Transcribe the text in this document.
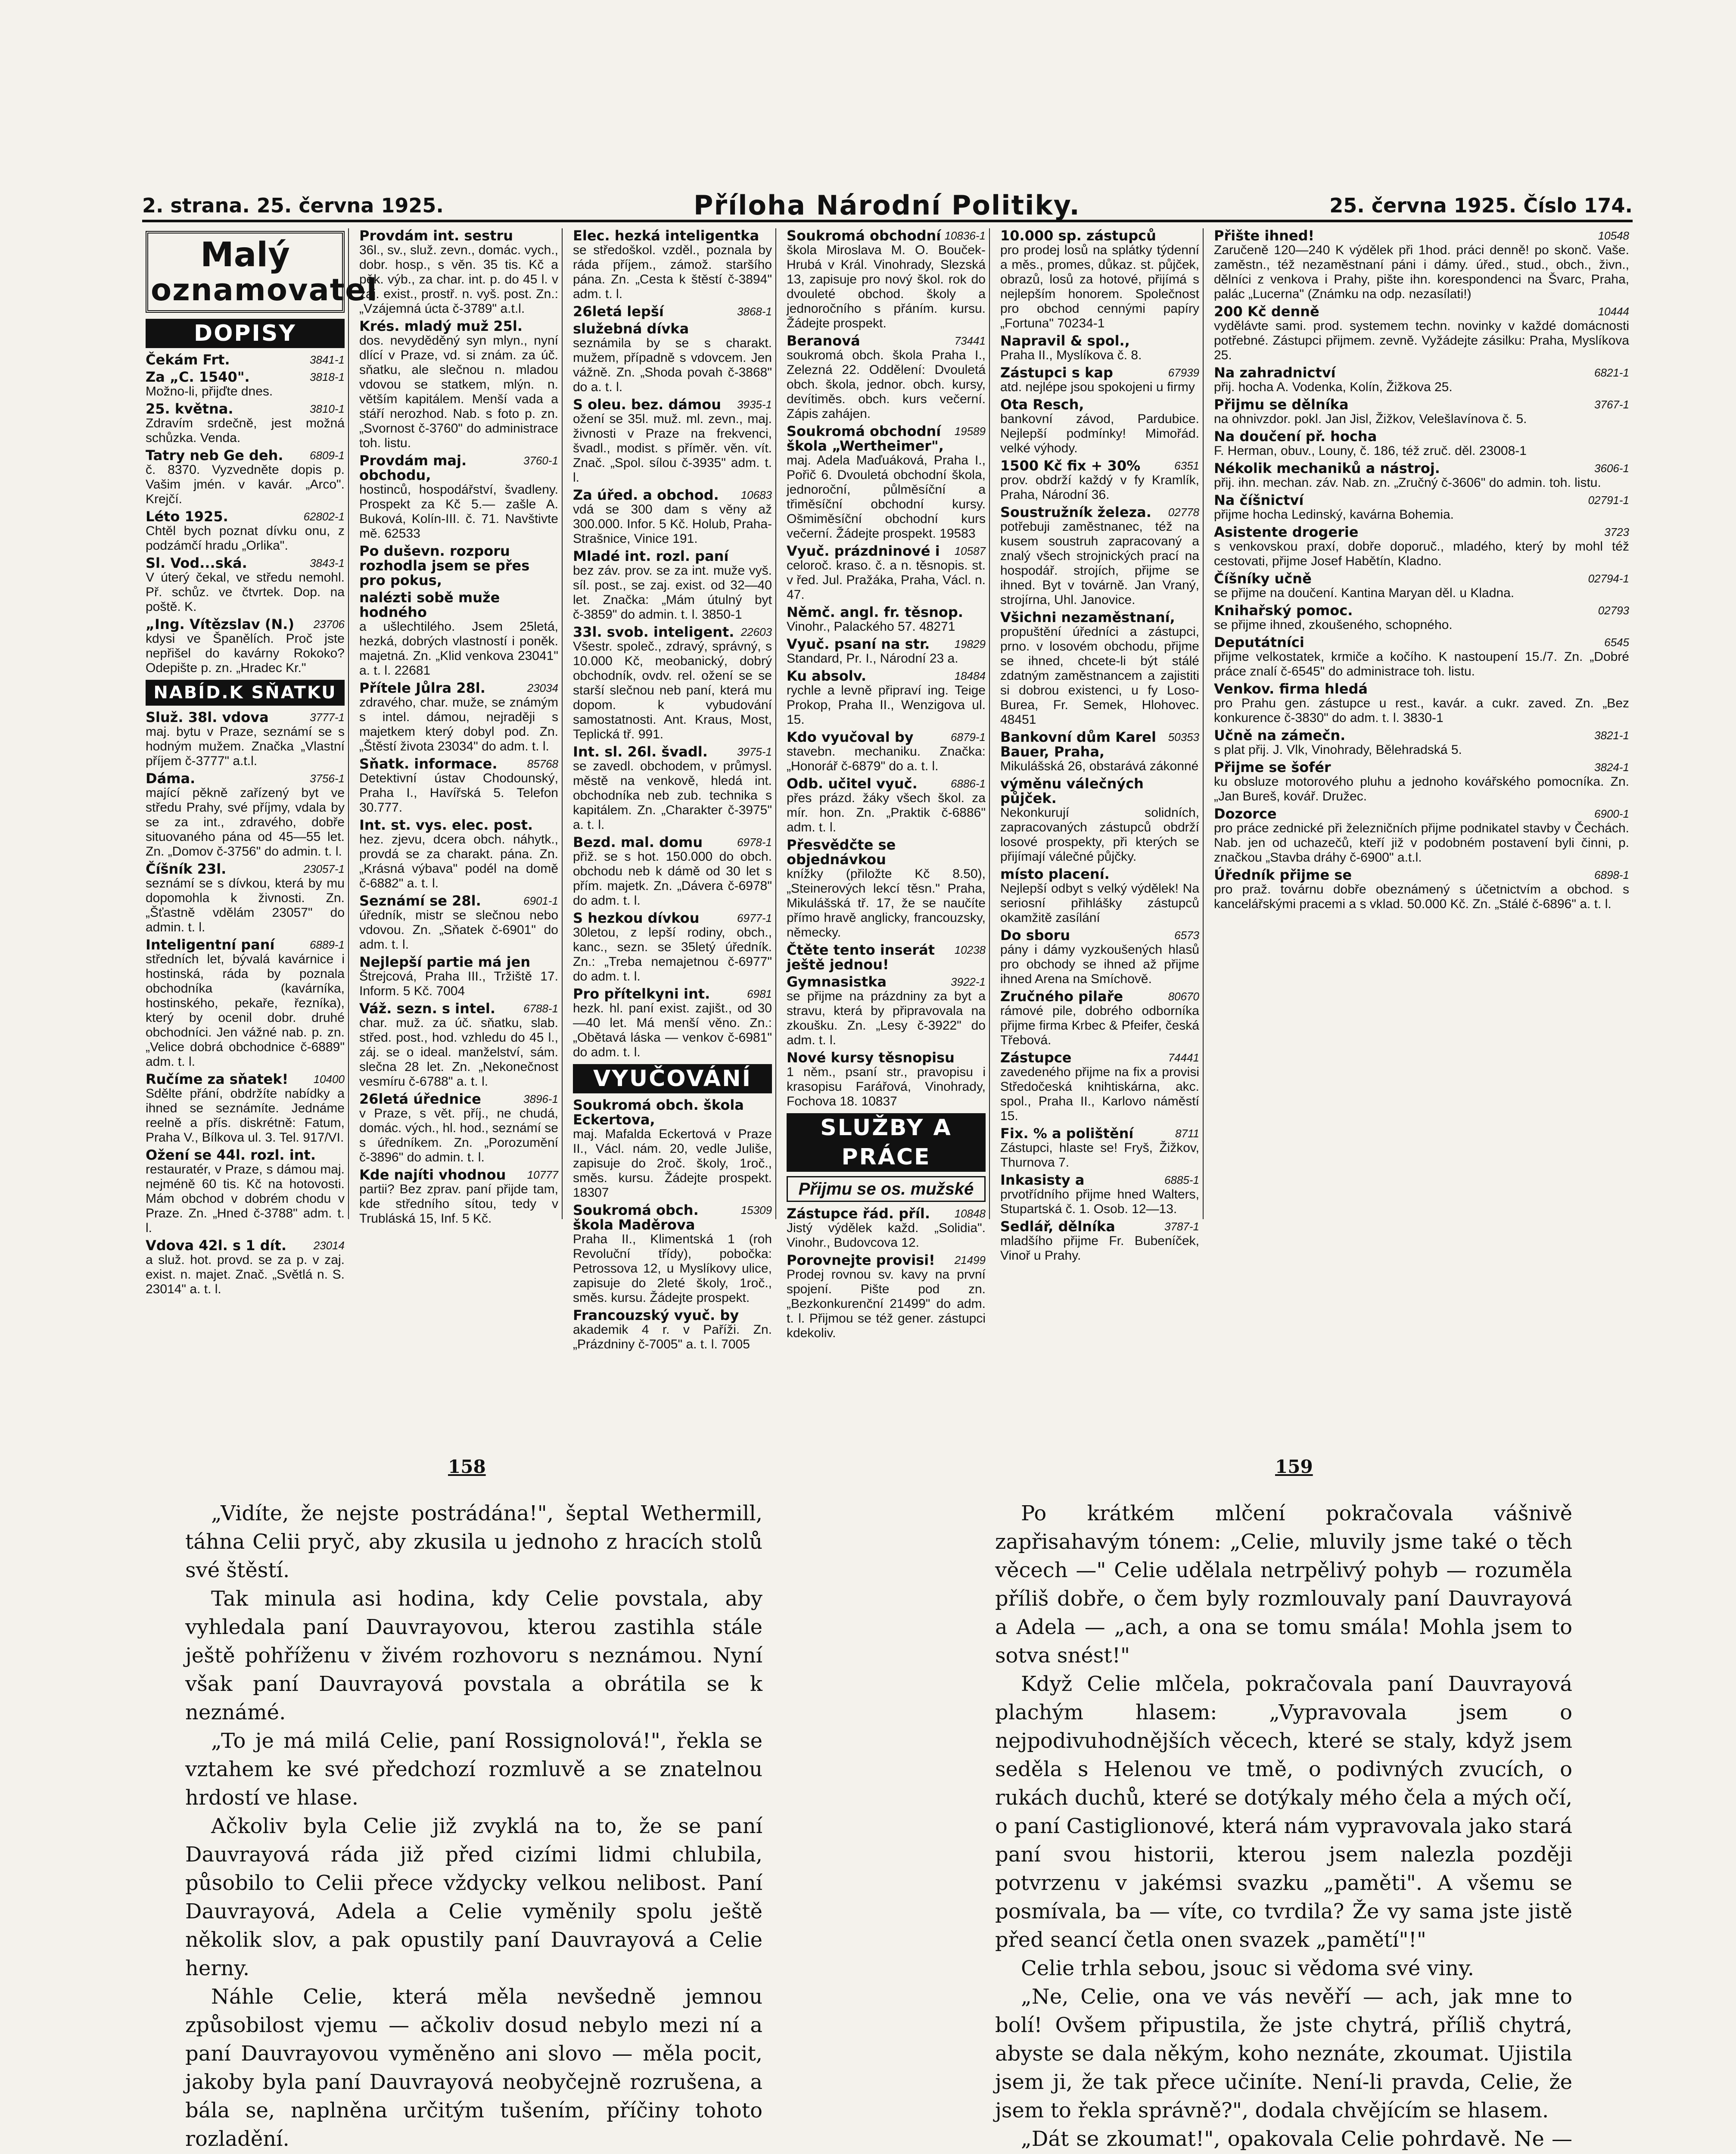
2. strana. 25. června 1925.	Příloha Národní Politiky.	25. června 1925. Číslo 174.
Malý
oznamovatel
DOPISY
3841-1
Čekám Frt.
3818-1
Za „C. 1540".
Možno-li, přijďte dnes.
3810-1
25. května.
Zdravím srdečně, jest možná schůzka. Venda.
6809-1
Tatry neb Ge deh.
č. 8370. Vyzvedněte dopis p. Vašim jmén. v kavár. „Arco". Krejčí.
62802-1
Léto 1925.
Chtěl bych poznat dívku onu, z podzámčí hradu „Orlika".
3843-1
Sl. Vod...ská.
V úterý čekal, ve středu nemohl. Př. schůz. ve čtvrtek. Dop. na poště. K.
23706
„Ing. Vítězslav (N.)
kdysi ve Španělích. Proč jste nepřišel do kavárny Rokoko? Odepište p. zn. „Hradec Kr."
NABÍD.K SŇATKU
3777-1
Služ. 38l. vdova
maj. bytu v Praze, seznámí se s hodným mužem. Značka „Vlastní příjem č-3777" a.t.l.
3756-1
Dáma.
mající pěkně zařízený byt ve středu Prahy, své příjmy, vdala by se za int., zdravého, dobře situovaného pána od 45—55 let. Zn. „Domov č-3756" do admin. t. l.
23057-1
Číšník 23l.
seznámí se s dívkou, která by mu dopomohla k živnosti. Zn. „Šťastně vdělám 23057" do admin. t. l.
6889-1
Inteligentní paní
středních let, bývalá kavárnice i hostinská, ráda by poznala obchodníka (kavárníka, hostinského, pekaře, řezníka), který by ocenil dobr. druhé obchodníci. Jen vážné nab. p. zn. „Velice dobrá obchodnice č-6889" adm. t. l.
10400
Ručíme za sňatek!
Sdělte přání, obdržíte nabídky a ihned se seznámíte. Jednáme reelně a přís. diskrétně: Fatum, Praha V., Bílkova ul. 3. Tel. 917/VI.
Ožení se 44l. rozl. int.
restauratér, v Praze, s dámou maj. nejméně 60 tis. Kč na hotovosti. Mám obchod v dobrém chodu v Praze. Zn. „Hned č-3788" adm. t. l.
23014
Vdova 42l. s 1 dít.
a služ. hot. provd. se za p. v zaj. exist. n. majet. Znač. „Světlá n. S. 23014" a. t. l.
Provdám int. sestru
36l., sv., služ. zevn., domác. vych., dobr. hosp., s věn. 35 tis. Kč a pěk. výb., za char. int. p. do 45 l. v zaj. exist., prostř. n. vyš. post. Zn.: „Vzájemná úcta č-3789" a.t.l.
Krés. mladý muž 25l.
dos. nevyděděný syn mlyn., nyní dlící v Praze, vd. si znám. za úč. sňatku, ale slečnou n. mladou vdovou se statkem, mlýn. n. větším kapitálem. Menší vada a stáří nerozhod. Nab. s foto p. zn. „Svornost č-3760" do administrace toh. listu.
3760-1
Provdám maj. obchodu,
hostinců, hospodářství, švadleny. Prospekt za Kč 5.— zašle A. Buková, Kolín-III. č. 71. Navštivte mě. 62533
Po duševn. rozporu rozhodla jsem se přes pro pokus,
nalézti sobě muže hodného
a ušlechtilého. Jsem 25letá, hezká, dobrých vlastností i poněk. majetná. Zn. „Klid venkova 23041" a. t. l. 22681
23034
Přítele Jůlra 28l.
zdravého, char. muže, se známým s intel. dámou, nejraději s majetkem který dobyl pod. Zn. „Štěstí života 23034" do adm. t. l.
85768
Sňatk. informace.
Detektivní ústav Chodounský, Praha I., Havířská 5. Telefon 30.777.
Int. st. vys. elec. post.
hez. zjevu, dcera obch. náhytk., provdá se za charakt. pána. Zn. „Krásná výbava" podél na domě č-6882" a. t. l.
6901-1
Seznámí se 28l.
úředník, mistr se slečnou nebo vdovou. Zn. „Sňatek č-6901" do adm. t. l.
Nejlepší partie má jen
Štrejcová, Praha III., Tržiště 17. Inform. 5 Kč. 7004
6788-1
Váž. sezn. s intel.
char. muž. za úč. sňatku, slab. střed. post., hod. vzhledu do 45 l., záj. se o ideal. manželství, sám. slečna 28 let. Zn. „Nekonečnost vesmíru č-6788" a. t. l.
3896-1
26letá úřednice
v Praze, s vět. příj., ne chudá, domác. vých., hl. hod., seznámí se s úředníkem. Zn. „Porozumění č-3896" do admin. t. l.
10777
Kde najíti vhodnou
partii? Bez zprav. paní přijde tam, kde středního sítou, tedy v Trubláská 15, Inf. 5 Kč.
Elec. hezká inteligentka
se středoškol. vzděl., poznala by ráda příjem., zámož. staršího pána. Zn. „Cesta k štěstí č-3894" adm. t. l.
3868-1
26letá lepší
služebná dívka
seznámila by se s charakt. mužem, případně s vdovcem. Jen vážně. Zn. „Shoda povah č-3868" do a. t. l.
3935-1
S oleu. bez. dámou
ožení se 35l. muž. ml. zevn., maj. živnosti v Praze na frekvenci, švadl., modist. s příměr. věn. vít. Znač. „Spol. sílou č-3935" adm. t. l.
10683
Za úřed. a obchod.
vdá se 300 dam s věny až 300.000. Infor. 5 Kč. Holub, Praha-Strašnice, Vinice 191.
Mladé int. rozl. paní
bez záv. prov. se za int. muže vyš. síl. post., se zaj. exist. od 32—40 let. Značka: „Mám útulný byt č-3859" do admin. t. l. 3850-1
22603
33l. svob. inteligent.
Všestr. společ., zdravý, správný, s 10.000 Kč, meobanický, dobrý obchodník, ovdv. rel. ožení se se starší slečnou neb paní, která mu dopom. k vybudování samostatnosti. Ant. Kraus, Most, Teplická tř. 991.
3975-1
Int. sl. 26l. švadl.
se zavedl. obchodem, v průmysl. městě na venkově, hledá int. obchodníka neb zub. technika s kapitálem. Zn. „Charakter č-3975" a. t. l.
6978-1
Bezd. mal. domu
přiž. se s hot. 150.000 do obch. obchodu neb k dámě od 30 let s přím. majetk. Zn. „Dávera č-6978" do adm. t. l.
6977-1
S hezkou dívkou
30letou, z lepší rodiny, obch., kanc., sezn. se 35letý úředník. Zn.: „Treba nemajetnou č-6977" do adm. t. l.
6981
Pro přítelkyni int.
hezk. hl. paní exist. zajišt., od 30—40 let. Má menší věno. Zn.: „Obětavá láska — venkov č-6981" do adm. t. l.
VYUČOVÁNÍ
Soukromá obch. škola Eckertova,
maj. Mafalda Eckertová v Praze II., Václ. nám. 20, vedle Juliše, zapisuje do 2roč. školy, 1roč., směs. kursu. Žádejte prospekt. 18307
15309
Soukromá obch. škola Maděrova
Praha II., Klimentská 1 (roh Revoluční třídy), pobočka: Petrossova 12, u Myslíkovy ulice, zapisuje do 2leté školy, 1roč., směs. kursu. Žádejte prospekt.
Francouzský vyuč. by
akademik 4 r. v Paříži. Zn. „Prázdniny č-7005" a. t. l. 7005
10836-1
Soukromá obchodní
škola Miroslava M. O. Bouček-Hrubá v Král. Vinohrady, Slezská 13, zapisuje pro nový škol. rok do dvouleté obchod. školy a jednoročního s přáním. kursu. Žádejte prospekt.
73441
Beranová
soukromá obch. škola Praha I., Zelezná 22. Oddělení: Dvouletá obch. škola, jednor. obch. kursy, devítiměs. obch. kurs večerní. Zápis zahájen.
19589
Soukromá obchodní škola „Wertheimer",
maj. Adela Maďuáková, Praha I., Pořič 6. Dvouletá obchodní škola, jednoroční, půlměsíční a třiměsíční obchodní kursy. Ošmiměsíční obchodní kurs večerní. Žádejte prospekt. 19583
10587
Vyuč. prázdninové i
celoroč. kraso. č. a n. těsnopis. st. v řed. Jul. Pražáka, Praha, Václ. n. 47.
Němč. angl. fr. těsnop.
Vinohr., Palackého 57. 48271
19829
Vyuč. psaní na str.
Standard, Pr. I., Národní 23 a.
18484
Ku absolv.
rychle a levně připraví ing. Teige Prokop, Praha II., Wenzigova ul. 15.
6879-1
Kdo vyučoval by
stavebn. mechaniku. Značka: „Honorář č-6879" do a. t. l.
6886-1
Odb. učitel vyuč.
přes prázd. žáky všech škol. za mír. hon. Zn. „Praktik č-6886" adm. t. l.
Přesvědčte se objednávkou
knížky (přiložte Kč 8.50), „Steinerových lekcí těsn." Praha, Mikulášská tř. 17, že se naučíte přímo hravě anglicky, francouzsky, německy.
10238
Čtěte tento inserát ještě jednou!
3922-1
Gymnasistka
se přijme na prázdniny za byt a stravu, která by připravovala na zkoušku. Zn. „Lesy č-3922" do adm. t. l.
Nové kursy těsnopisu
1 něm., psaní str., pravopisu i krasopisu Farářová, Vinohrady, Fochova 18. 10837
SLUŽBY A PRÁCE
Přijmu se os. mužské
10848
Zástupce řád. příl.
Jistý výdělek každ. „Solidia". Vinohr., Budovcova 12.
21499
Porovnejte provisi!
Prodej rovnou sv. kavy na první spojení. Pište pod zn. „Bezkonkurenční 21499" do adm. t. l. Přijmou se též gener. zástupci kdekoliv.
10.000 sp. zástupců
pro prodej losů na splátky týdenní a měs., promes, důkaz. st. půjček, obrazů, losů za hotové, přijímá s nejlepším honorem. Společnost pro obchod cennými papíry „Fortuna" 70234-1
Napravil & spol.,
Praha II., Myslíkova č. 8.
67939
Zástupci s kap
atd. nejlépe jsou spokojeni u firmy
Ota Resch,
bankovní závod, Pardubice. Nejlepší podmínky! Mimořád. velké výhody.
6351
1500 Kč fix + 30%
prov. obdrží každý v fy Kramlík, Praha, Národní 36.
02778
Soustružník železa.
potřebuji zaměstnanec, též na kusem soustruh zapracovaný a znalý všech strojnických prací na hospodář. strojích, přijme se ihned. Byt v továrně. Jan Vraný, strojírna, Uhl. Janovice.
Všichni nezaměstnaní,
propuštění úředníci a zástupci, prno. v losovém obchodu, přijme se ihned, chcete-li být stálé zdatným zaměstnancem a zajistiti si dobrou existenci, u fy Loso-Burea, Fr. Semek, Hlohovec. 48451
50353
Bankovní dům Karel Bauer, Praha,
Mikulášská 26, obstarává zákonné
výměnu válečných půjček.
Nekonkurují solidních, zapracovaných zástupců obdrží losové prospekty, při kterých se přijímají válečné půjčky.
místo placení.
Nejlepší odbyt s velký výdělek! Na seriosní přihlášky zástupců okamžitě zasílání
6573
Do sboru
pány i dámy vyzkoušených hlasů pro obchody se ihned až přijme ihned Arena na Smíchově.
80670
Zručného pilaře
rámové pile, dobrého odborníka přijme firma Krbec & Pfeifer, česká Třebová.
74441
Zástupce
zavedeného přijme na fix a provisi Středočeská knihtiskárna, akc. spol., Praha II., Karlovo náměstí 15.
8711
Fix. % a polištění
Zástupci, hlaste se! Fryš, Žižkov, Thurnova 7.
6885-1
Inkasisty a
prvotřídního přijme hned Walters, Stupartská č. 1. Osob. 12—13.
3787-1
Sedlář, dělníka
mladšího přijme Fr. Bubeníček, Vinoř u Prahy.
10548
Přište ihned!
Zaručeně 120—240 K výdělek při 1hod. práci denně! po skonč. Vaše. zaměstn., též nezaměstnaní páni i dámy. úřed., stud., obch., živn., dělníci z venkova i Prahy, pište ihn. korespondenci na Švarc, Praha, palác „Lucerna" (Známku na odp. nezasílati!)
10444
200 Kč denně
vydělávte sami. prod. systemem techn. novinky v každé domácnosti potřebné. Zástupci přijmem. zevně. Vyžádejte zásilku: Praha, Myslíkova 25.
6821-1
Na zahradnictví
přij. hocha A. Vodenka, Kolín, Žižkova 25.
3767-1
Přijmu se dělníka
na ohnivzdor. pokl. Jan Jisl, Žižkov, Velešlavínova č. 5.
Na doučení př. hocha
F. Herman, obuv., Louny, č. 186, též zruč. děl. 23008-1
3606-1
Nékolik mechaniků a nástroj.
přij. ihn. mechan. záv. Nab. zn. „Zručný č-3606" do admin. toh. listu.
02791-1
Na číšnictví
přijme hocha Ledinský, kavárna Bohemia.
3723
Asistente drogerie
s venkovskou praxí, dobře doporuč., mladého, který by mohl též cestovati, přijme Josef Habětín, Kladno.
02794-1
Číšníky učně
se přijme na doučení. Kantina Maryan děl. u Kladna.
02793
Knihařský pomoc.
se přijme ihned, zkoušeného, schopného.
6545
Deputátníci
přijme velkostatek, krmiče a kočího. K nastoupení 15./7. Zn. „Dobré práce znalí č-6545" do administrace toh. listu.
Venkov. firma hledá
pro Prahu gen. zástupce u rest., kavár. a cukr. zaved. Zn. „Bez konkurence č-3830" do adm. t. l. 3830-1
3821-1
Učně na zámečn.
s plat přij. J. Vlk, Vinohrady, Bělehradská 5.
3824-1
Přijme se šofér
ku obsluze motorového pluhu a jednoho kovářského pomocníka. Zn. „Jan Bureš, kovář. Družec.
6900-1
Dozorce
pro práce zednické při železničních přijme podnikatel stavby v Čechách. Nab. jen od uchazečů, kteří již v podobném postavení byli činni, p. značkou „Stavba dráhy č-6900" a.t.l.
6898-1
Úředník přijme se
pro praž. továrnu dobře obeznámený s účetnictvím a obchod. s kancelářskými pracemi a s vklad. 50.000 Kč. Zn. „Stálé č-6896" a. t. l.
158	159

„Vidíte, že nejste postrádána!", šeptal Wethermill, táhna Celii pryč, aby zkusila u jednoho z hracích stolů své štěstí.

Tak minula asi hodina, kdy Celie povstala, aby vyhledala paní Dauvrayovou, kterou zastihla stále ještě pohříženu v živém rozhovoru s neznámou. Nyní však paní Dauvrayová povstala a obrátila se k neznámé.

„To je má milá Celie, paní Rossignolová!", řekla se vztahem ke své předchozí rozmluvě a se znatelnou hrdostí ve hlase.

Ačkoliv byla Celie již zvyklá na to, že se paní Dauvrayová ráda již před cizími lidmi chlubila, působilo to Celii přece vždycky velkou nelibost. Paní Dauvrayová, Adela a Celie vyměnily spolu ještě několik slov, a pak opustily paní Dauvrayová a Celie herny.

Náhle Celie, která měla nevšedně jemnou způsobilost vjemu — ačkoliv dosud nebylo mezi ní a paní Dauvrayovou vyměněno ani slovo — měla pocit, jakoby byla paní Dauvrayová neobyčejně rozrušena, a bála se, naplněna určitým tušením, příčiny tohoto rozladění.

Po krátkém mlčení pokračovala vášnivě zapřisahavým tónem: „Celie, mluvily jsme také o těch věcech —" Celie udělala netrpělivý pohyb — rozuměla příliš dobře, o čem byly rozmlouvaly paní Dauvrayová a Adela — „ach, a ona se tomu smála! Mohla jsem to sotva snést!"

Když Celie mlčela, pokračovala paní Dauvrayová plachým hlasem: „Vypravovala jsem o nejpodivuhodnějších věcech, které se staly, když jsem seděla s Helenou ve tmě, o podivných zvucích, o rukách duchů, které se dotýkaly mého čela a mých očí, o paní Castiglionové, která nám vypravovala jako stará paní svou historii, kterou jsem nalezla později potvrzenu v jakémsi svazku „paměti". A všemu se posmívala, ba — víte, co tvrdila? Že vy sama jste jistě před seancí četla onen svazek „pamětí"!"

Celie trhla sebou, jsouc si vědoma své viny.

„Ne, Celie, ona ve vás nevěří — ach, jak mne to bolí! Ovšem připustila, že jste chytrá, příliš chytrá, abyste se dala někým, koho neznáte, zkoumat. Ujistila jsem ji, že tak přece učiníte. Není-li pravda, Celie, že jsem to řekla správně?", dodala chvějícím se hlasem.

„Dát se zkoumat!", opakovala Celie pohrdavě. Ne —
